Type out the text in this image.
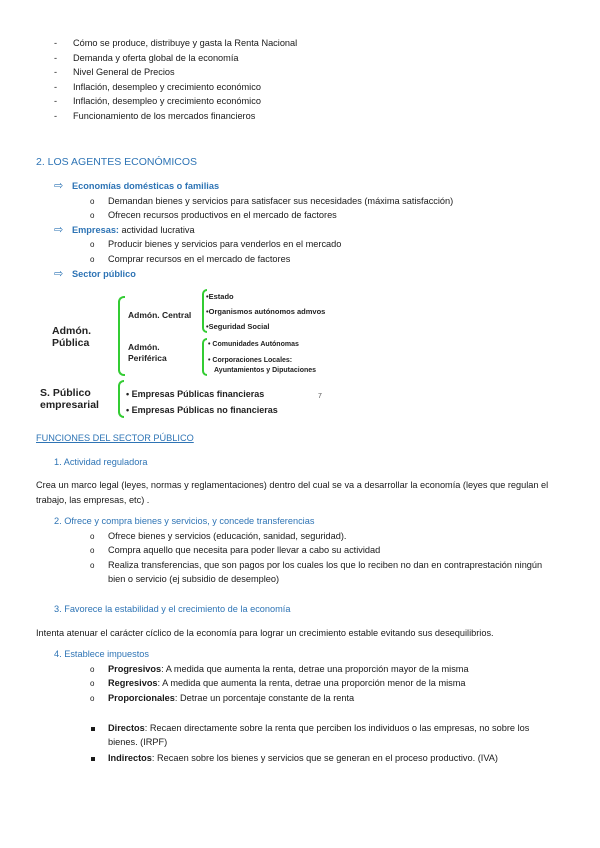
- Cómo se produce, distribuye y gasta la Renta Nacional
- Demanda y oferta global de la economía
- Nivel General de Precios
- Inflación, desempleo y crecimiento económico
- Inflación, desempleo y crecimiento económico
- Funcionamiento de los mercados financieros
2. LOS AGENTES ECONÓMICOS
⇨ Economías domésticas o familias
o Demandan bienes y servicios para satisfacer sus necesidades (máxima satisfacción)
o Ofrecen recursos productivos en el mercado de factores
⇨ Empresas: actividad lucrativa
o Producir bienes y servicios para venderlos en el mercado
o Comprar recursos en el mercado de factores
⇨ Sector público
Admón.
Pública
Admón. Central
•Estado
•Organismos autónomos admvos
•Seguridad Social
Admón.
Periférica
• Comunidades Autónomas
• Corporaciones Locales:
Ayuntamientos y Diputaciones
S. Público
empresarial
• Empresas Públicas financieras
• Empresas Públicas no financieras
7
FUNCIONES DEL SECTOR PÚBLICO
1. Actividad reguladora
Crea un marco legal (leyes, normas y reglamentaciones) dentro del cual se va a desarrollar la economía (leyes que regulan el trabajo, las empresas, etc) .
2. Ofrece y compra bienes y servicios, y concede transferencias
o Ofrece bienes y servicios (educación, sanidad, seguridad).
o Compra aquello que necesita para poder llevar a cabo su actividad
o Realiza transferencias, que son pagos por los cuales los que lo reciben no dan en contraprestación ningún bien o servicio (ej subsidio de desempleo)
3. Favorece la estabilidad y el crecimiento de la economía
Intenta atenuar el carácter cíclico de la economía para lograr un crecimiento estable evitando sus desequilibrios.
4. Establece impuestos
o Progresivos: A medida que aumenta la renta, detrae una proporción mayor de la misma
o Regresivos: A medida que aumenta la renta, detrae una proporción menor de la misma
o Proporcionales: Detrae un porcentaje constante de la renta
Directos: Recaen directamente sobre la renta que perciben los individuos o las empresas, no sobre los bienes. (IRPF)
Indirectos: Recaen sobre los bienes y servicios que se generan en el proceso productivo. (IVA)
